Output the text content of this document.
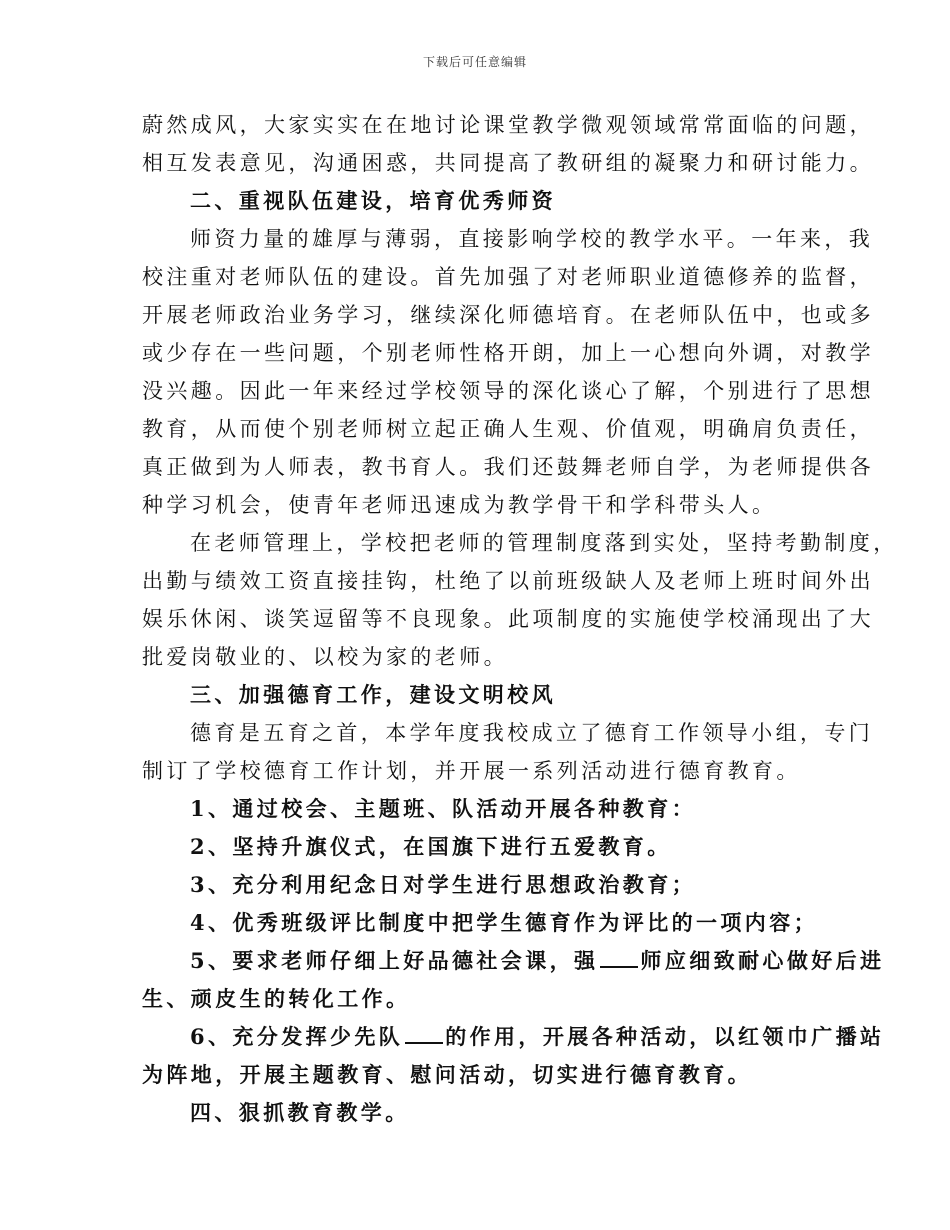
下载后可任意编辑
蔚然成风，大家实实在在地讨论课堂教学微观领域常常面临的问题，
相互发表意见，沟通困惑，共同提高了教研组的凝聚力和研讨能力。
二、重视队伍建设，培育优秀师资
师资力量的雄厚与薄弱，直接影响学校的教学水平。一年来，我
校注重对老师队伍的建设。首先加强了对老师职业道德修养的监督，
开展老师政治业务学习，继续深化师德培育。在老师队伍中，也或多
或少存在一些问题，个别老师性格开朗，加上一心想向外调，对教学
没兴趣。因此一年来经过学校领导的深化谈心了解，个别进行了思想
教育，从而使个别老师树立起正确人生观、价值观，明确肩负责任，
真正做到为人师表，教书育人。我们还鼓舞老师自学，为老师提供各
种学习机会，使青年老师迅速成为教学骨干和学科带头人。
在老师管理上，学校把老师的管理制度落到实处，坚持考勤制度，
出勤与绩效工资直接挂钩，杜绝了以前班级缺人及老师上班时间外出
娱乐休闲、谈笑逗留等不良现象。此项制度的实施使学校涌现出了大
批爱岗敬业的、以校为家的老师。
三、加强德育工作，建设文明校风
德育是五育之首，本学年度我校成立了德育工作领导小组，专门
制订了学校德育工作计划，并开展一系列活动进行德育教育。
1、通过校会、主题班、队活动开展各种教育：
2、坚持升旗仪式，在国旗下进行五爱教育。
3、充分利用纪念日对学生进行思想政治教育；
4、优秀班级评比制度中把学生德育作为评比的一项内容；
5、要求老师仔细上好品德社会课，强 师应细致耐心做好后进
生、顽皮生的转化工作。
6、充分发挥少先队 的作用，开展各种活动，以红领巾广播站
为阵地，开展主题教育、慰问活动，切实进行德育教育。
四、狠抓教育教学。
